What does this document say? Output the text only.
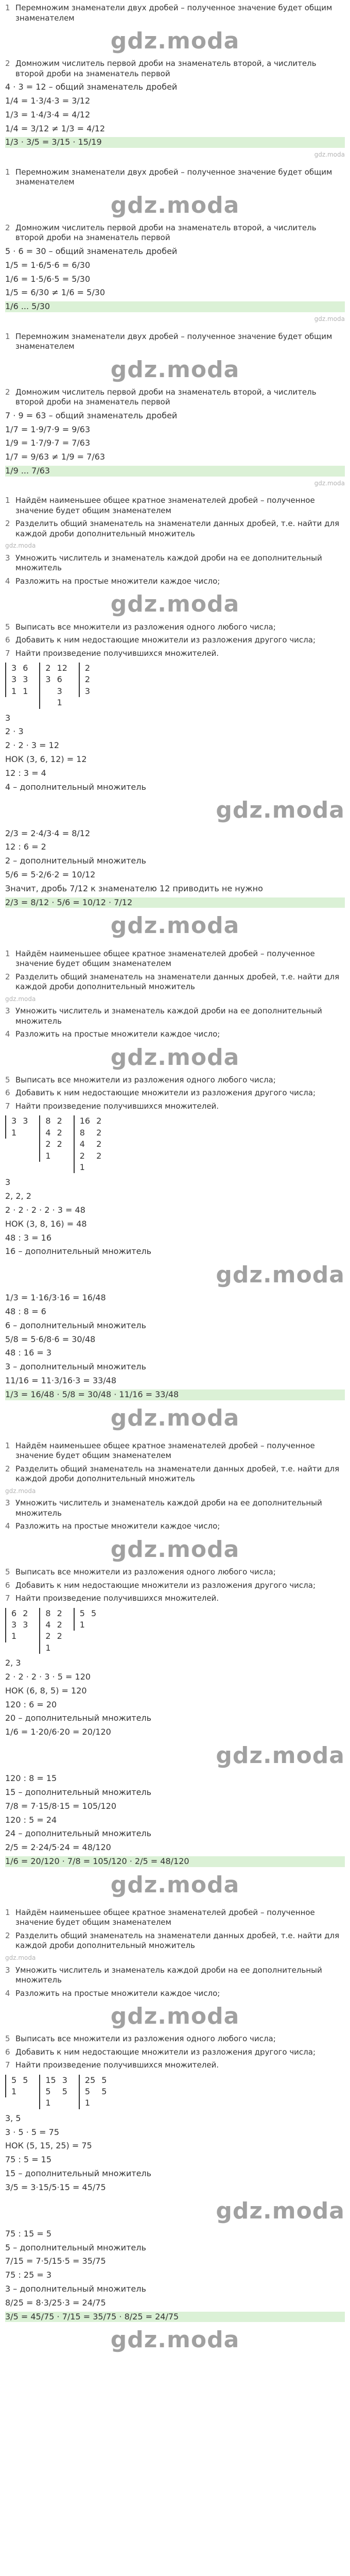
1 Перемножим знаменатели двух дробей – полученное значение будет общим знаменателем
gdz.moda
2 Домножим числитель первой дроби на знаменатель второй, а числитель второй дроби на знаменатель первой
4 · 3 = 12 – общий знаменатель дробей
1/4 = 1·3/4·3 = 3/12
1/3 = 1·4/3·4 = 4/12
1/4 = 3/12 ≠ 1/3 = 4/12
1/3 · 3/5 = 3/15 · 15/19
gdz.moda
1 Перемножим знаменатели двух дробей – полученное значение будет общим знаменателем
gdz.moda
2 Домножим числитель первой дроби на знаменатель второй, а числитель второй дроби на знаменатель первой
5 · 6 = 30 – общий знаменатель дробей
1/5 = 1·6/5·6 = 6/30
1/6 = 1·5/6·5 = 5/30
1/5 = 6/30 ≠ 1/6 = 5/30
1/6 ... 5/30
gdz.moda
1 Перемножим знаменатели двух дробей – полученное значение будет общим знаменателем
gdz.moda
2 Домножим числитель первой дроби на знаменатель второй, а числитель второй дроби на знаменатель первой
7 · 9 = 63 – общий знаменатель дробей
1/7 = 1·9/7·9 = 9/63
1/9 = 1·7/9·7 = 7/63
1/7 = 9/63 ≠ 1/9 = 7/63
1/9 ... 7/63
gdz.moda
1 Найдём наименьшее общее кратное знаменателей дробей – полученное значение будет общим знаменателем
2 Разделить общий знаменатель на знаменатели данных дробей, т.е. найти для каждой дроби дополнительный множитель
gdz.moda
3 Умножить числитель и знаменатель каждой дроби на ее дополнительный множитель
4 Разложить на простые множители каждое число;
gdz.moda
5 Выписать все множители из разложения одного любого числа;
6 Добавить к ним недостающие множители из разложения другого числа;
7 Найти произведение получившихся множителей.
3
3
1
6
3
1
2
3
12
6
3
1
2
2
3
3
2 · 3
2 · 2 · 3 = 12
НОК (3, 6, 12) = 12
12 : 3 = 4
4 – дополнительный множитель
gdz.moda
2/3 = 2·4/3·4 = 8/12
12 : 6 = 2
2 – дополнительный множитель
5/6 = 5·2/6·2 = 10/12
Значит, дробь 7/12 к знаменателю 12 приводить не нужно
2/3 = 8/12 · 5/6 = 10/12 · 7/12
gdz.moda
1 Найдём наименьшее общее кратное знаменателей дробей – полученное значение будет общим знаменателем
2 Разделить общий знаменатель на знаменатели данных дробей, т.е. найти для каждой дроби дополнительный множитель
gdz.moda
3 Умножить числитель и знаменатель каждой дроби на ее дополнительный множитель
4 Разложить на простые множители каждое число;
gdz.moda
5 Выписать все множители из разложения одного любого числа;
6 Добавить к ним недостающие множители из разложения другого числа;
7 Найти произведение получившихся множителей.
3
1
3 8
4
2
1
2
2
2
16
8
4
2
1
2
2
2
2
3
2, 2, 2
2 · 2 · 2 · 2 · 3 = 48
НОК (3, 8, 16) = 48
48 : 3 = 16
16 – дополнительный множитель
gdz.moda
1/3 = 1·16/3·16 = 16/48
48 : 8 = 6
6 – дополнительный множитель
5/8 = 5·6/8·6 = 30/48
48 : 16 = 3
3 – дополнительный множитель
11/16 = 11·3/16·3 = 33/48
1/3 = 16/48 · 5/8 = 30/48 · 11/16 = 33/48
gdz.moda
1 Найдём наименьшее общее кратное знаменателей дробей – полученное значение будет общим знаменателем
2 Разделить общий знаменатель на знаменатели данных дробей, т.е. найти для каждой дроби дополнительный множитель
gdz.moda
3 Умножить числитель и знаменатель каждой дроби на ее дополнительный множитель
4 Разложить на простые множители каждое число;
gdz.moda
5 Выписать все множители из разложения одного любого числа;
6 Добавить к ним недостающие множители из разложения другого числа;
7 Найти произведение получившихся множителей.
6
3
1
2
3
8
4
2
1
2
2
2
5
1
5
2, 3
2 · 2 · 2 · 3 · 5 = 120
НОК (6, 8, 5) = 120
120 : 6 = 20
20 – дополнительный множитель
1/6 = 1·20/6·20 = 20/120
gdz.moda
120 : 8 = 15
15 – дополнительный множитель
7/8 = 7·15/8·15 = 105/120
120 : 5 = 24
24 – дополнительный множитель
2/5 = 2·24/5·24 = 48/120
1/6 = 20/120 · 7/8 = 105/120 · 2/5 = 48/120
gdz.moda
1 Найдём наименьшее общее кратное знаменателей дробей – полученное значение будет общим знаменателем
2 Разделить общий знаменатель на знаменатели данных дробей, т.е. найти для каждой дроби дополнительный множитель
gdz.moda
3 Умножить числитель и знаменатель каждой дроби на ее дополнительный множитель
4 Разложить на простые множители каждое число;
gdz.moda
5 Выписать все множители из разложения одного любого числа;
6 Добавить к ним недостающие множители из разложения другого числа;
7 Найти произведение получившихся множителей.
5
1
5 15
5
1
3
5
25
5
1
5
5
3, 5
3 · 5 · 5 = 75
НОК (5, 15, 25) = 75
75 : 5 = 15
15 – дополнительный множитель
3/5 = 3·15/5·15 = 45/75
gdz.moda
75 : 15 = 5
5 – дополнительный множитель
7/15 = 7·5/15·5 = 35/75
75 : 25 = 3
3 – дополнительный множитель
8/25 = 8·3/25·3 = 24/75
3/5 = 45/75 · 7/15 = 35/75 · 8/25 = 24/75
gdz.moda
